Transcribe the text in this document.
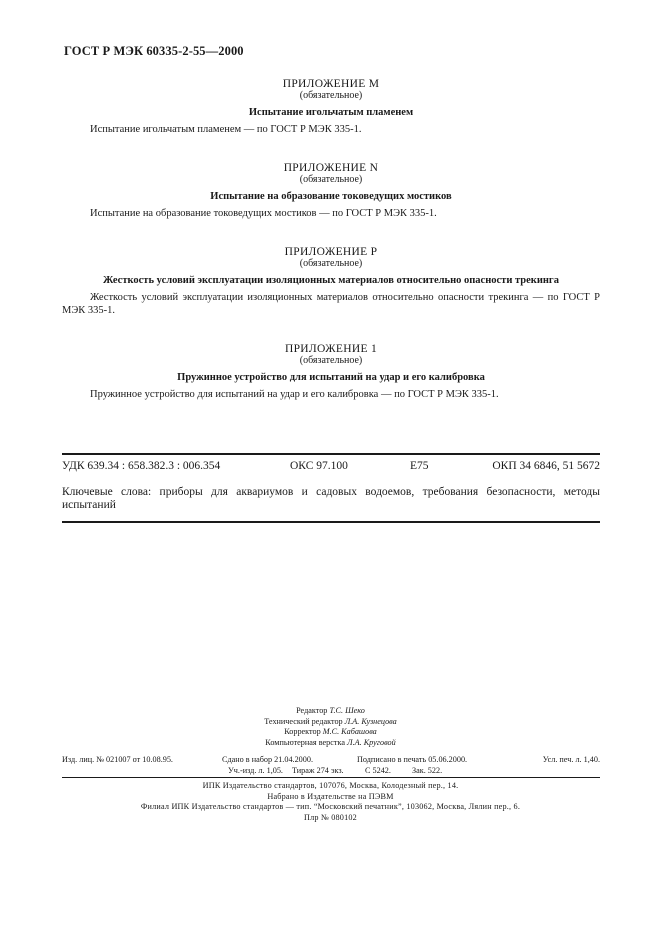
ГОСТ Р МЭК 60335-2-55—2000
ПРИЛОЖЕНИЕ M
(обязательное)
Испытание игольчатым пламенем
Испытание игольчатым пламенем — по ГОСТ Р МЭК 335-1.
ПРИЛОЖЕНИЕ N
(обязательное)
Испытание на образование токоведущих мостиков
Испытание на образование токоведущих мостиков — по ГОСТ Р МЭК 335-1.
ПРИЛОЖЕНИЕ P
(обязательное)
Жесткость условий эксплуатации изоляционных материалов относительно опасности трекинга
Жесткость условий эксплуатации изоляционных материалов относительно опасности трекинга — по ГОСТ Р МЭК 335-1.
ПРИЛОЖЕНИЕ 1
(обязательное)
Пружинное устройство для испытаний на удар и его калибровка
Пружинное устройство для испытаний на удар и его калибровка — по ГОСТ Р МЭК 335-1.
УДК 639.34 : 658.382.3 : 006.354	ОКС 97.100	Е75	ОКП 34 6846, 51 5672
Ключевые слова: приборы для аквариумов и садовых водоемов, требования безопасности, методы испытаний
Редактор Т.С. Шеко
Технический редактор Л.А. Кузнецова
Корректор М.С. Кабашова
Компьютерная верстка Л.А. Круговой
Изд. лиц. № 021007 от 10.08.95.	Сдано в набор 21.04.2000.	Подписано в печать 05.06.2000.	Усл. печ. л. 1,40.
Уч.-изд. л. 1,05. Тираж 274 экз.	С 5242.	Зак. 522.
ИПК Издательство стандартов, 107076, Москва, Колодезный пер., 14.
Набрано в Издательстве на ПЭВМ
Филиал ИПК Издательство стандартов — тип. “Московский печатник”, 103062, Москва, Лялин пер., 6.
Плр № 080102
